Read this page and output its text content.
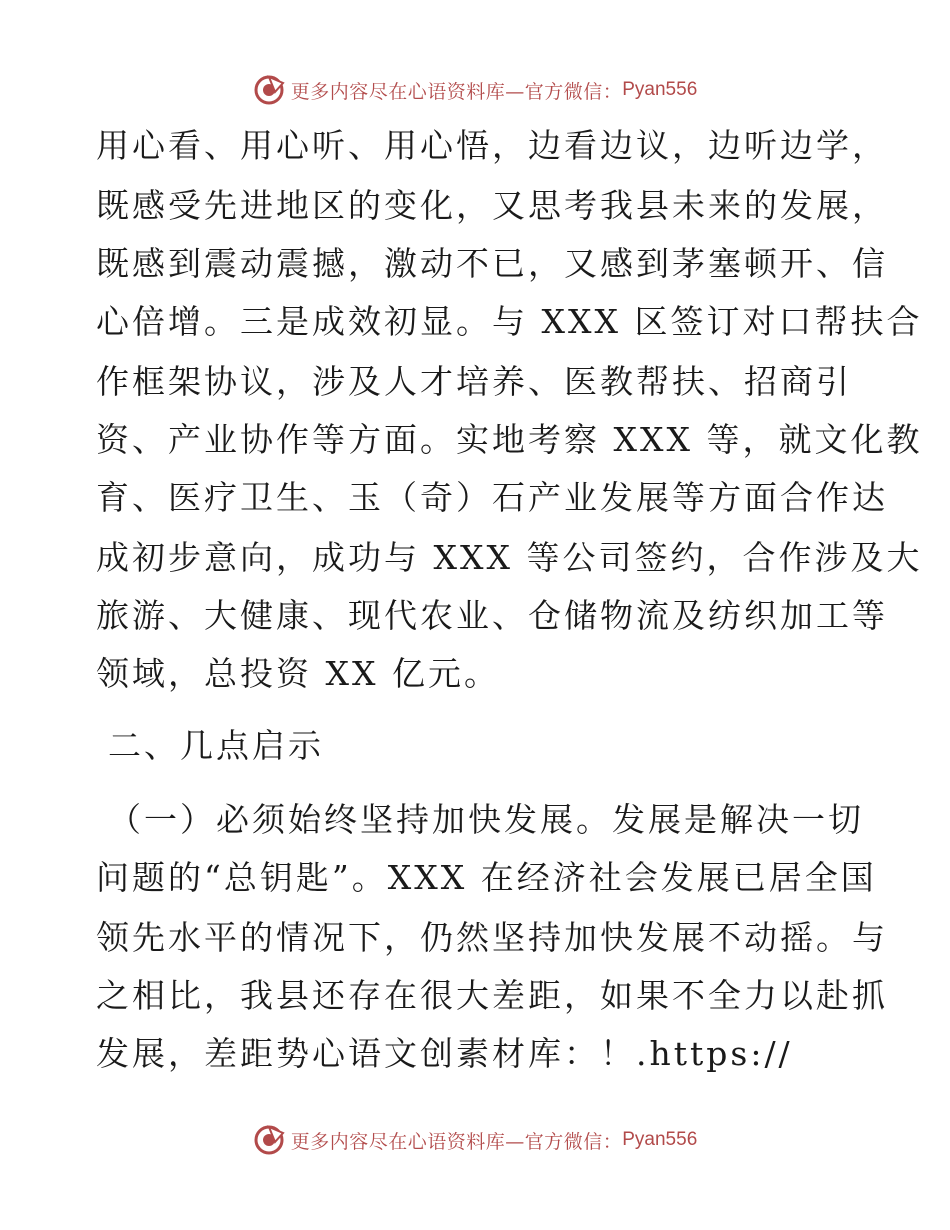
更多内容尽在心语资料库—官方微信： Pyan556
用心看、用心听、用心悟，边看边议，边听边学，
既感受先进地区的变化，又思考我县未来的发展，
既感到震动震撼，激动不已，又感到茅塞顿开、信
心倍增。三是成效初显。与 XXX 区签订对口帮扶合
作框架协议，涉及人才培养、医教帮扶、招商引
资、产业协作等方面。实地考察 XXX 等，就文化教
育、医疗卫生、玉（奇）石产业发展等方面合作达
成初步意向，成功与 XXX 等公司签约，合作涉及大
旅游、大健康、现代农业、仓储物流及纺织加工等
领域，总投资 XX 亿元。
二、几点启示
（一）必须始终坚持加快发展。发展是解决一切
问题的“总钥匙”。XXX 在经济社会发展已居全国
领先水平的情况下，仍然坚持加快发展不动摇。与
之相比，我县还存在很大差距，如果不全力以赴抓
发展，差距势心语文创素材库：！.https://
更多内容尽在心语资料库—官方微信： Pyan556
